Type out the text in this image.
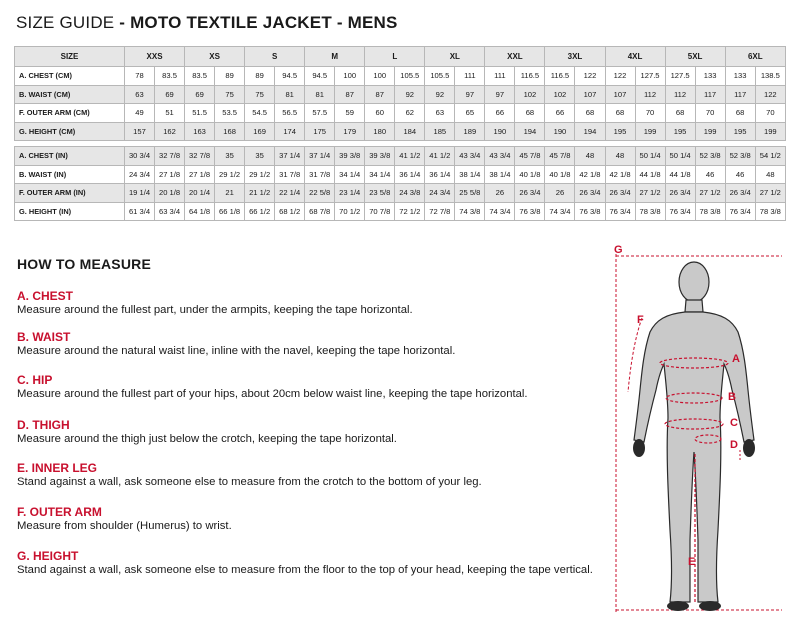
SIZE GUIDE - MOTO TEXTILE JACKET - MENS
SIZE	XXS		XS		S		M		L		XL		XXL		3XL		4XL		5XL		6XL	
A. CHEST (CM)	78	83.5	83.5	89	89	94.5	94.5	100	100	105.5	105.5	111	111	116.5	116.5	122	122	127.5	127.5	133	133	138.5
B. WAIST (CM)	63	69	69	75	75	81	81	87	87	92	92	97	97	102	102	107	107	112	112	117	117	122
F. OUTER ARM (CM)	49	51	51.5	53.5	54.5	56.5	57.5	59	60	62	63	65	66	68	66	68	68	70	68	70	68	70
G. HEIGHT (CM)	157	162	163	168	169	174	175	179	180	184	185	189	190	194	190	194	195	199	195	199	195	199

A. CHEST (IN)	30 3/4	32 7/8	32 7/8	35	35	37 1/4	37 1/4	39 3/8	39 3/8	41 1/2	41 1/2	43 3/4	43 3/4	45 7/8	45 7/8	48	48	50 1/4	50 1/4	52 3/8	52 3/8	54 1/2
B. WAIST (IN)	24 3/4	27 1/8	27 1/8	29 1/2	29 1/2	31 7/8	31 7/8	34 1/4	34 1/4	36 1/4	36 1/4	38 1/4	38 1/4	40 1/8	40 1/8	42 1/8	42 1/8	44 1/8	44 1/8	46	46	48
F. OUTER ARM (IN)	19 1/4	20 1/8	20 1/4	21	21 1/2	22 1/4	22 5/8	23 1/4	23 5/8	24 3/8	24 3/4	25 5/8	26	26 3/4	26	26 3/4	26 3/4	27 1/2	26 3/4	27 1/2	26 3/4	27 1/2
G. HEIGHT (IN)	61 3/4	63 3/4	64 1/8	66 1/8	66 1/2	68 1/2	68 7/8	70 1/2	70 7/8	72 1/2	72 7/8	74 3/8	74 3/4	76 3/8	74 3/4	76 3/8	76 3/4	78 3/8	76 3/4	78 3/8	76 3/4	78 3/8
HOW TO MEASURE
A. CHEST
Measure around the fullest part, under the armpits, keeping the tape horizontal.
B. WAIST
Measure around the natural waist line, inline with the navel, keeping the tape horizontal.
C. HIP
Measure around the fullest part of your hips, about 20cm below waist line, keeping the tape horizontal.
D. THIGH
Measure around the thigh just below the crotch, keeping the tape horizontal.
E. INNER LEG
Stand against a wall, ask someone else to measure from the crotch to the bottom of your leg.
F. OUTER ARM
Measure from shoulder (Humerus) to wrist.
G. HEIGHT
Stand against a wall, ask someone else to measure from the floor to the top of your head, keeping the tape vertical.
G
F
A
B
C
D
E
